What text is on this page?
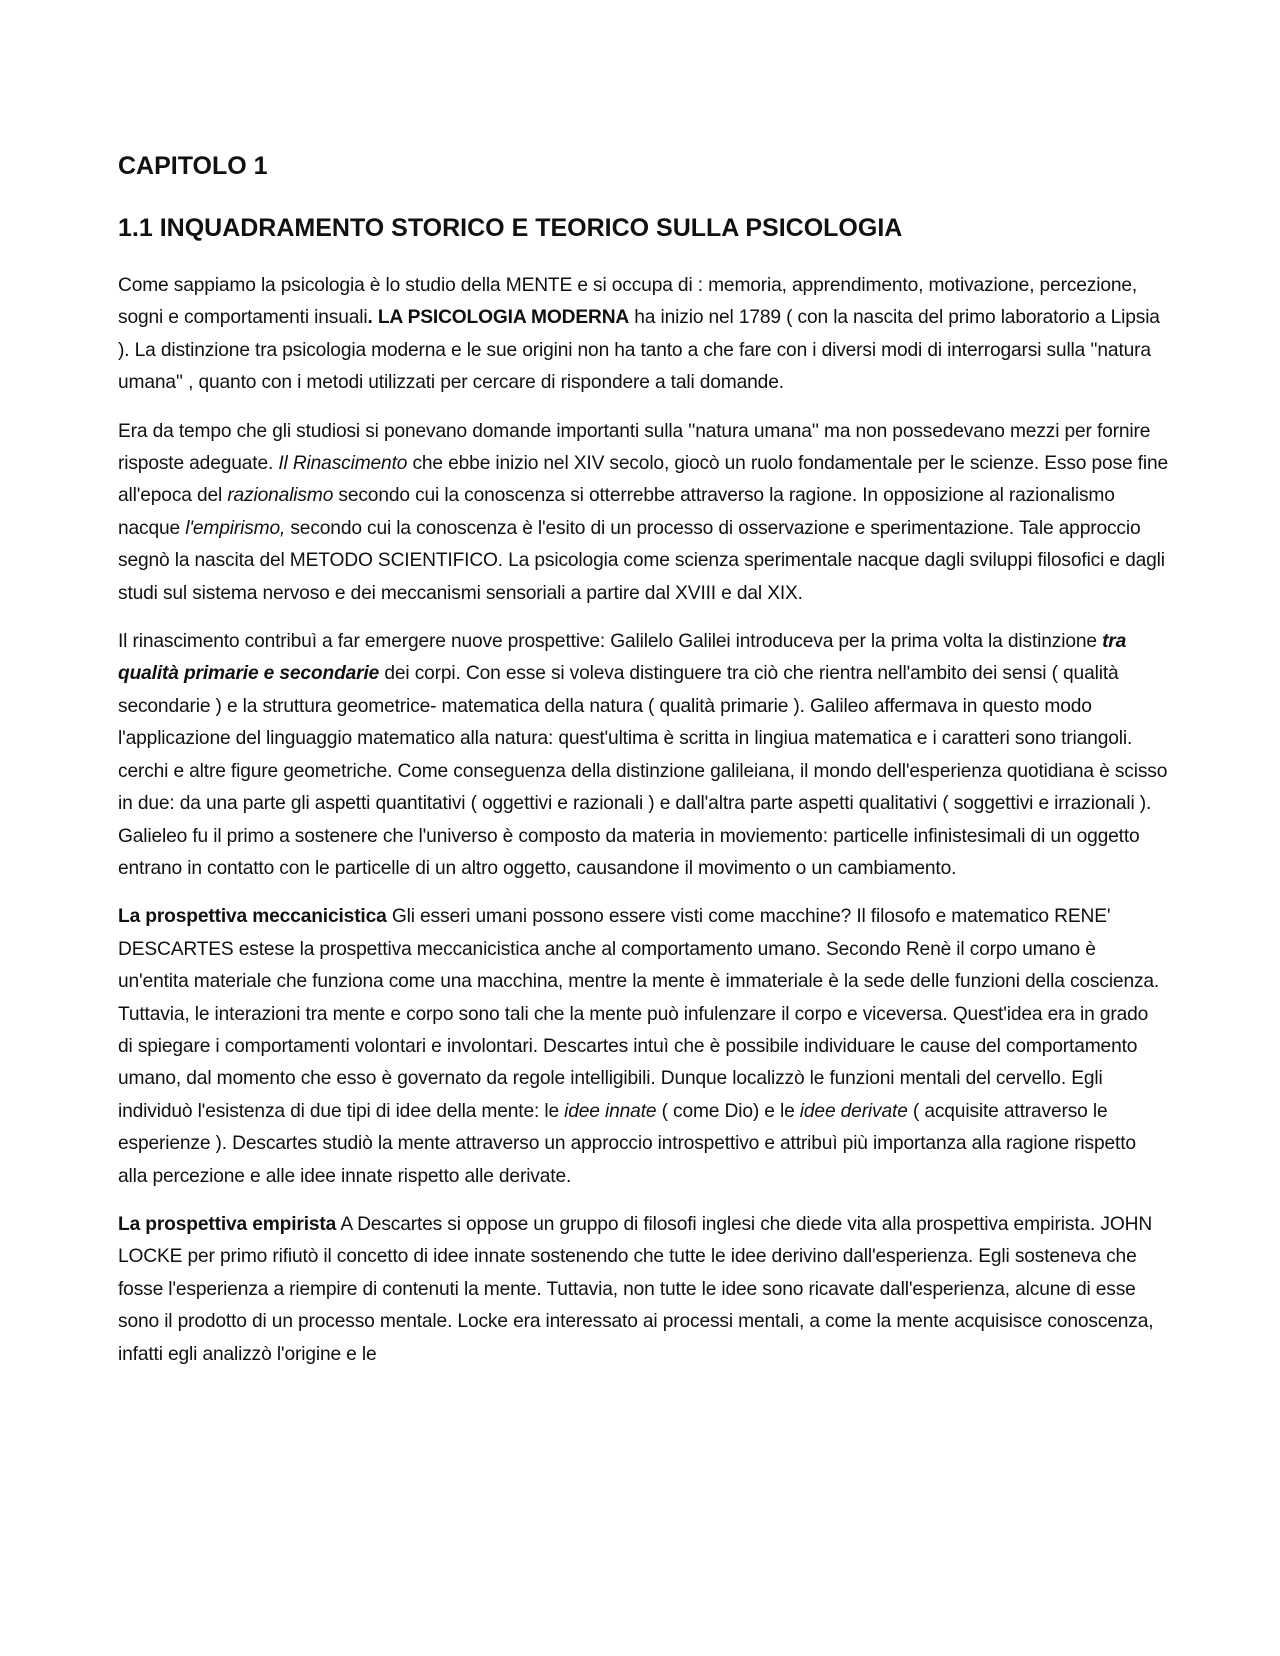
CAPITOLO 1
1.1 INQUADRAMENTO STORICO E TEORICO SULLA PSICOLOGIA

Come sappiamo la psicologia è lo studio della MENTE e si occupa di : memoria, apprendimento, motivazione, percezione, sogni e comportamenti insuali. LA PSICOLOGIA MODERNA ha inizio nel 1789 ( con la nascita del primo laboratorio a Lipsia ). La distinzione tra psicologia moderna e le sue origini non ha tanto a che fare con i diversi modi di interrogarsi sulla ''natura umana'' , quanto con i metodi utilizzati per cercare di rispondere a tali domande.

Era da tempo che gli studiosi si ponevano domande importanti sulla ''natura umana'' ma non possedevano mezzi per fornire risposte adeguate. Il Rinascimento che ebbe inizio nel XIV secolo, giocò un ruolo fondamentale per le scienze. Esso pose fine all'epoca del razionalismo secondo cui la conoscenza si otterrebbe attraverso la ragione. In opposizione al razionalismo nacque l'empirismo, secondo cui la conoscenza è l'esito di un processo di osservazione e sperimentazione. Tale approccio segnò la nascita del METODO SCIENTIFICO. La psicologia come scienza sperimentale nacque dagli sviluppi filosofici e dagli studi sul sistema nervoso e dei meccanismi sensoriali a partire dal XVIII e dal XIX.

Il rinascimento contribuì a far emergere nuove prospettive: Galilelo Galilei introduceva per la prima volta la distinzione tra qualità primarie e secondarie dei corpi. Con esse si voleva distinguere tra ciò che rientra nell'ambito dei sensi ( qualità secondarie ) e la struttura geometrice- matematica della natura ( qualità primarie ). Galileo affermava in questo modo l'applicazione del linguaggio matematico alla natura: quest'ultima è scritta in lingiua matematica e i caratteri sono triangoli. cerchi e altre figure geometriche. Come conseguenza della distinzione galileiana, il mondo dell'esperienza quotidiana è scisso in due: da una parte gli aspetti quantitativi ( oggettivi e razionali ) e dall'altra parte aspetti qualitativi ( soggettivi e irrazionali ). Galieleo fu il primo a sostenere che l'universo è composto da materia in moviemento: particelle infinistesimali di un oggetto entrano in contatto con le particelle di un altro oggetto, causandone il movimento o un cambiamento.

La prospettiva meccanicistica Gli esseri umani possono essere visti come macchine? Il filosofo e matematico RENE' DESCARTES estese la prospettiva meccanicistica anche al comportamento umano. Secondo Renè il corpo umano è un'entita materiale che funziona come una macchina, mentre la mente è immateriale è la sede delle funzioni della coscienza. Tuttavia, le interazioni tra mente e corpo sono tali che la mente può infulenzare il corpo e viceversa. Quest'idea era in grado di spiegare i comportamenti volontari e involontari. Descartes intuì che è possibile individuare le cause del comportamento umano, dal momento che esso è governato da regole intelligibili. Dunque localizzò le funzioni mentali del cervello. Egli individuò l'esistenza di due tipi di idee della mente: le idee innate ( come Dio) e le idee derivate ( acquisite attraverso le esperienze ). Descartes studiò la mente attraverso un approccio introspettivo e attribuì più importanza alla ragione rispetto alla percezione e alle idee innate rispetto alle derivate.

La prospettiva empirista A Descartes si oppose un gruppo di filosofi inglesi che diede vita alla prospettiva empirista. JOHN LOCKE per primo rifiutò il concetto di idee innate sostenendo che tutte le idee derivino dall'esperienza. Egli sosteneva che fosse l'esperienza a riempire di contenuti la mente. Tuttavia, non tutte le idee sono ricavate dall'esperienza, alcune di esse sono il prodotto di un processo mentale. Locke era interessato ai processi mentali, a come la mente acquisisce conoscenza, infatti egli analizzò l'origine e le
